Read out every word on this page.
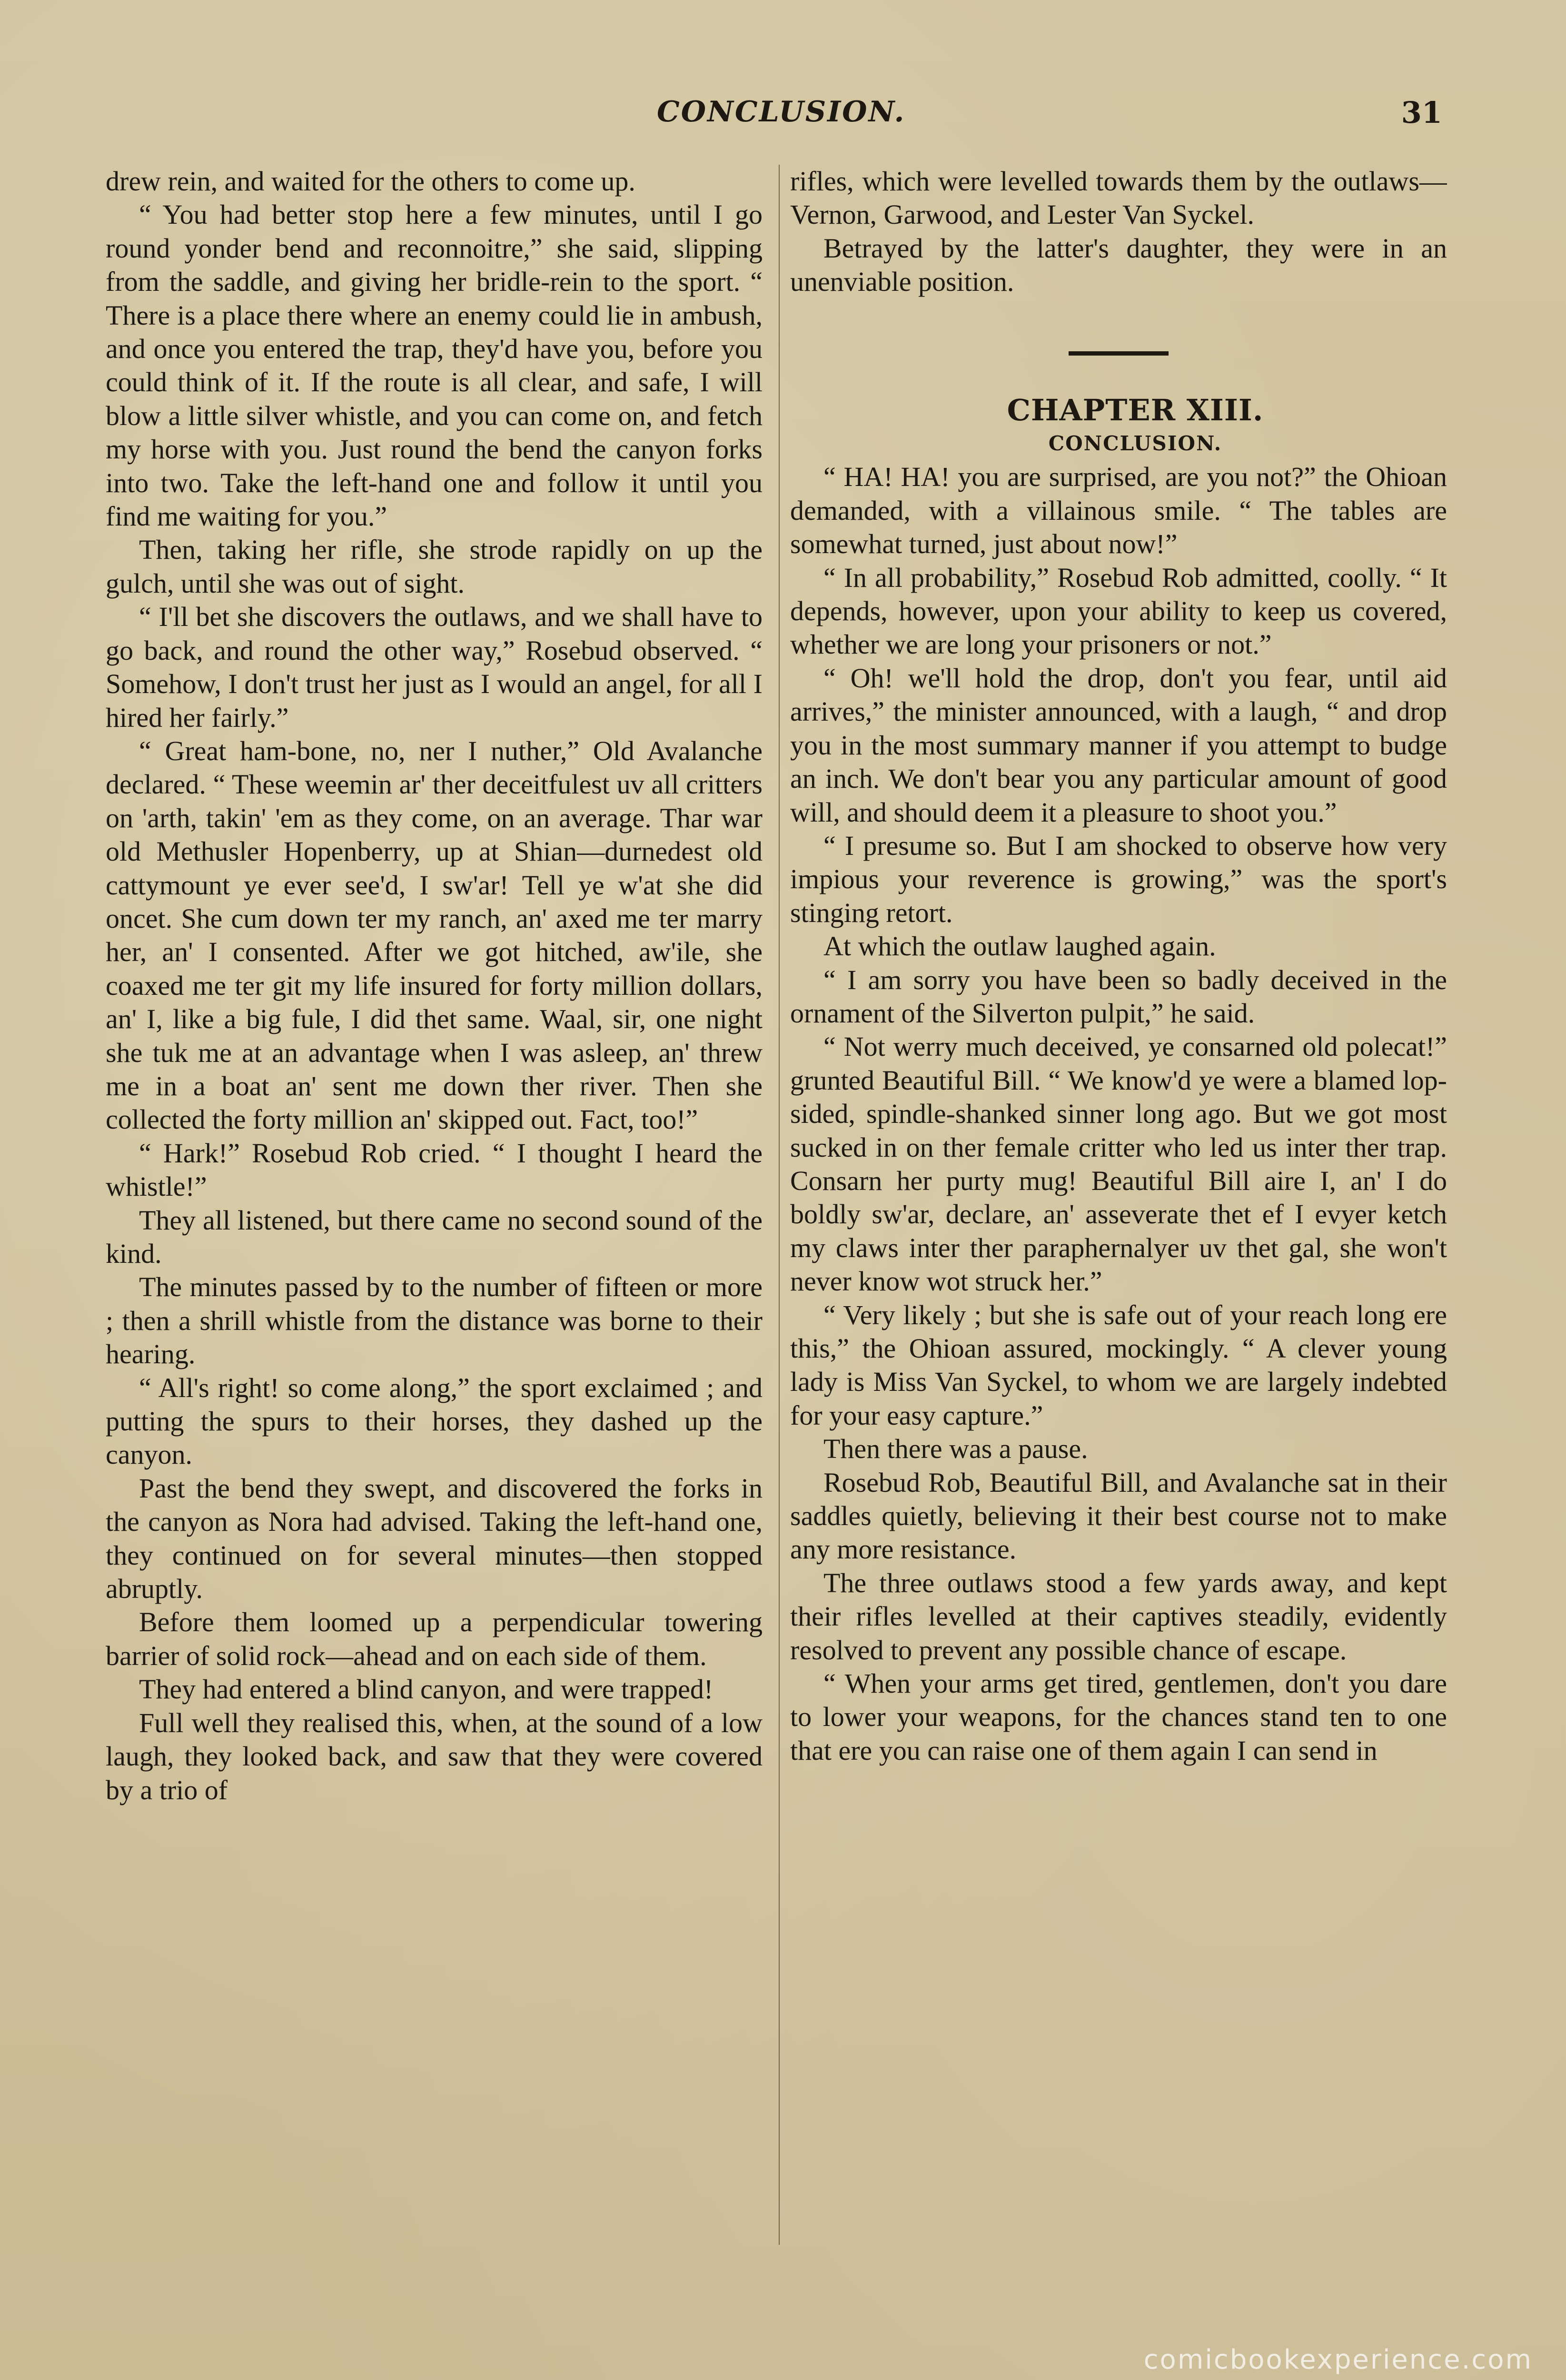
CONCLUSION.	31

drew rein, and waited for the others to come up.

“ You had better stop here a few minutes, until I go round yonder bend and reconnoitre,” she said, slipping from the saddle, and giving her bridle-rein to the sport. “ There is a place there where an enemy could lie in ambush, and once you entered the trap, they'd have you, before you could think of it. If the route is all clear, and safe, I will blow a little silver whistle, and you can come on, and fetch my horse with you. Just round the bend the canyon forks into two. Take the left-hand one and follow it until you find me waiting for you.”

Then, taking her rifle, she strode rapidly on up the gulch, until she was out of sight.

“ I'll bet she discovers the outlaws, and we shall have to go back, and round the other way,” Rosebud observed. “ Somehow, I don't trust her just as I would an angel, for all I hired her fairly.”

“ Great ham-bone, no, ner I nuther,” Old Avalanche declared. “ These weemin ar' ther deceitfulest uv all critters on 'arth, takin' 'em as they come, on an average. Thar war old Methusler Hopenberry, up at Shian—durnedest old cattymount ye ever see'd, I sw'ar! Tell ye w'at she did oncet. She cum down ter my ranch, an' axed me ter marry her, an' I consented. After we got hitched, aw'ile, she coaxed me ter git my life insured for forty million dollars, an' I, like a big fule, I did thet same. Waal, sir, one night she tuk me at an advantage when I was asleep, an' threw me in a boat an' sent me down ther river. Then she collected the forty million an' skipped out. Fact, too!”

“ Hark!” Rosebud Rob cried. “ I thought I heard the whistle!”

They all listened, but there came no second sound of the kind.

The minutes passed by to the number of fifteen or more ; then a shrill whistle from the distance was borne to their hearing.

“ All's right! so come along,” the sport exclaimed ; and putting the spurs to their horses, they dashed up the canyon.

Past the bend they swept, and discovered the forks in the canyon as Nora had advised. Taking the left-hand one, they continued on for several minutes—then stopped abruptly.

Before them loomed up a perpendicular towering barrier of solid rock—ahead and on each side of them.

They had entered a blind canyon, and were trapped!

Full well they realised this, when, at the sound of a low laugh, they looked back, and saw that they were covered by a trio of

rifles, which were levelled towards them by the outlaws—Vernon, Garwood, and Lester Van Syckel.

Betrayed by the latter's daughter, they were in an unenviable position.

CHAPTER XIII.

CONCLUSION.

“ HA! HA! you are surprised, are you not?” the Ohioan demanded, with a villainous smile. “ The tables are somewhat turned, just about now!”

“ In all probability,” Rosebud Rob admitted, coolly. “ It depends, however, upon your ability to keep us covered, whether we are long your prisoners or not.”

“ Oh! we'll hold the drop, don't you fear, until aid arrives,” the minister announced, with a laugh, “ and drop you in the most summary manner if you attempt to budge an inch. We don't bear you any particular amount of good will, and should deem it a pleasure to shoot you.”

“ I presume so. But I am shocked to observe how very impious your reverence is growing,” was the sport's stinging retort.

At which the outlaw laughed again.

“ I am sorry you have been so badly deceived in the ornament of the Silverton pulpit,” he said.

“ Not werry much deceived, ye consarned old polecat!” grunted Beautiful Bill. “ We know'd ye were a blamed lop-sided, spindle-shanked sinner long ago. But we got most sucked in on ther female critter who led us inter ther trap. Consarn her purty mug! Beautiful Bill aire I, an' I do boldly sw'ar, declare, an' asseverate thet ef I evyer ketch my claws inter ther paraphernalyer uv thet gal, she won't never know wot struck her.”

“ Very likely ; but she is safe out of your reach long ere this,” the Ohioan assured, mockingly. “ A clever young lady is Miss Van Syckel, to whom we are largely indebted for your easy capture.”

Then there was a pause.

Rosebud Rob, Beautiful Bill, and Avalanche sat in their saddles quietly, believing it their best course not to make any more resistance.

The three outlaws stood a few yards away, and kept their rifles levelled at their captives steadily, evidently resolved to prevent any possible chance of escape.

“ When your arms get tired, gentlemen, don't you dare to lower your weapons, for the chances stand ten to one that ere you can raise one of them again I can send in

comicbookexperience.com
